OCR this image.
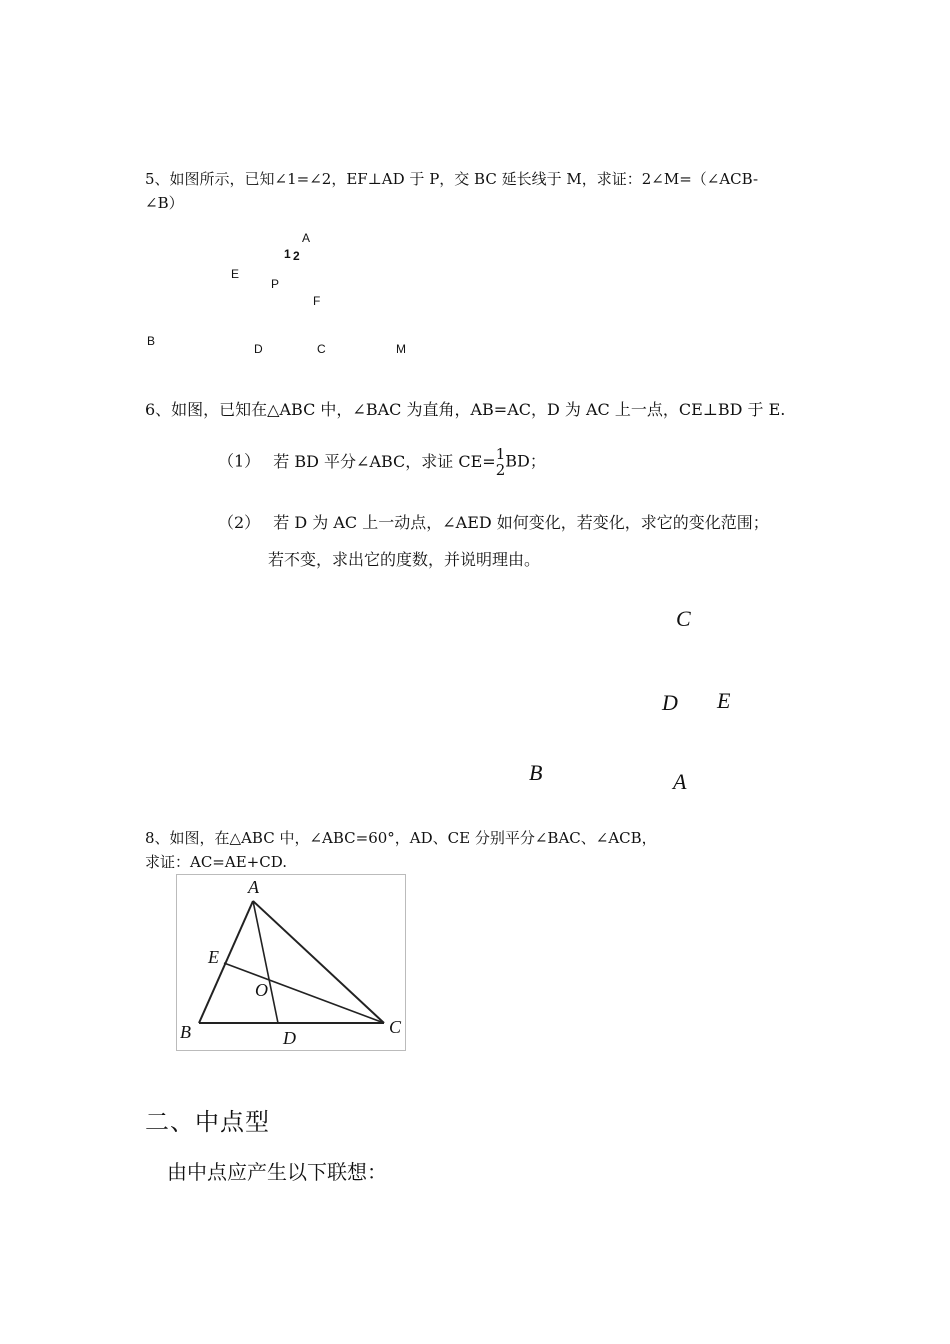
5、如图所示，已知∠1=∠2，EF⊥AD 于 P，交 BC 延长线于 M，求证：2∠M=（∠ACB-
∠B）
A
1 2
E
P
F
B
D	C	M
6、如图，已知在△ABC 中，∠BAC 为直角，AB=AC，D 为 AC 上一点，CE⊥BD 于 E.
（1） 若 BD 平分∠ABC，求证 CE= 1
2 BD；
（2） 若 D 为 AC 上一动点，∠AED 如何变化，若变化，求它的变化范围；
若不变，求出它的度数，并说明理由。
C
D E
B	A
8、如图，在△ABC 中，∠ABC=60°，AD、CE 分别平分∠BAC、∠ACB，
求证：AC=AE+CD.
A
E
O
B	D
C
二、中点型
由中点应产生以下联想：
